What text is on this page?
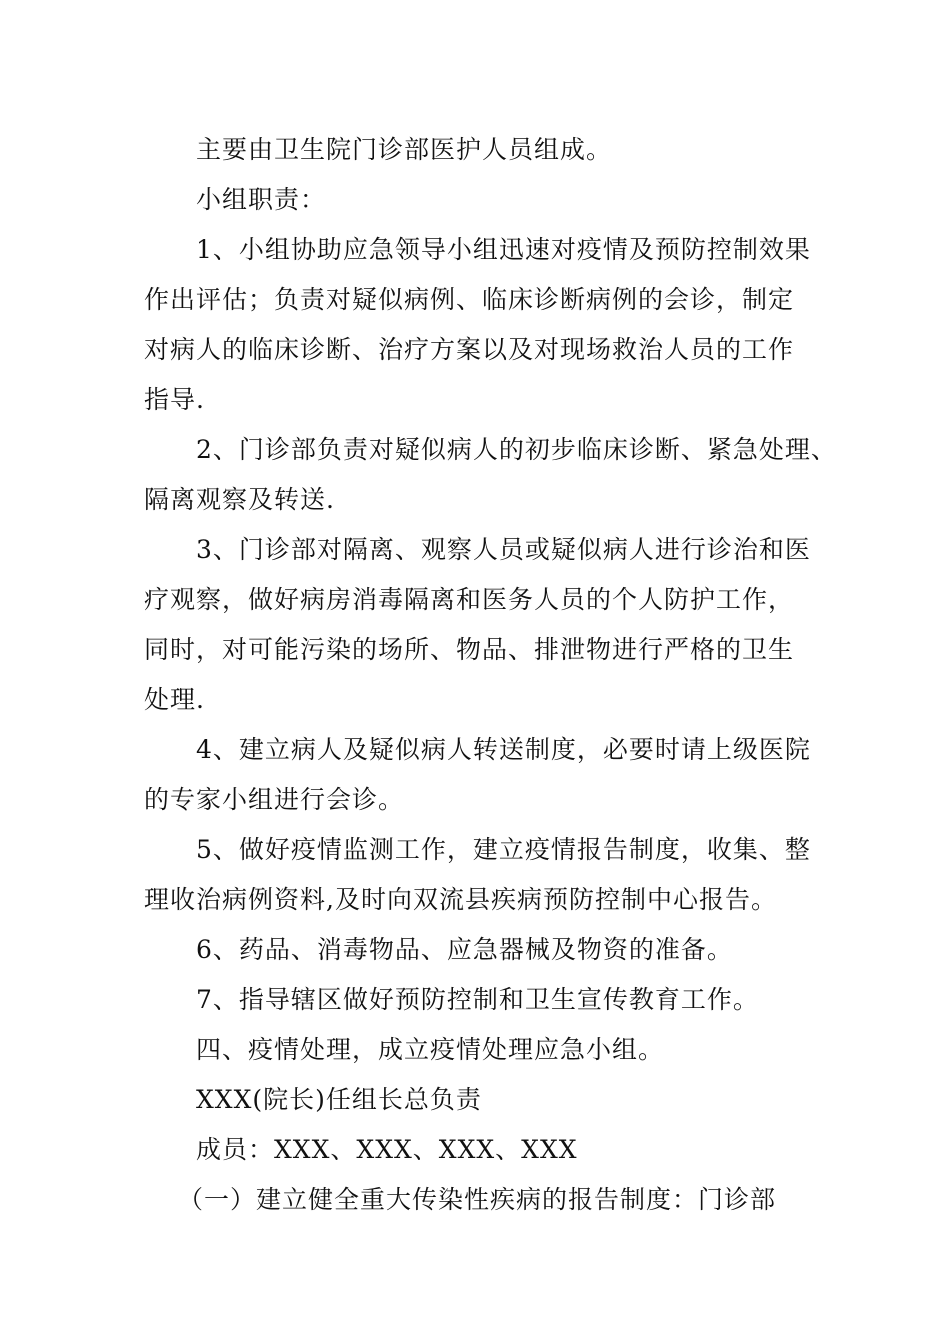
主要由卫生院门诊部医护人员组成。
小组职责：
1、小组协助应急领导小组迅速对疫情及预防控制效果
作出评估；负责对疑似病例、临床诊断病例的会诊，制定
对病人的临床诊断、治疗方案以及对现场救治人员的工作
指导.
2、门诊部负责对疑似病人的初步临床诊断、紧急处理、
隔离观察及转送.
3、门诊部对隔离、观察人员或疑似病人进行诊治和医
疗观察，做好病房消毒隔离和医务人员的个人防护工作，
同时，对可能污染的场所、物品、排泄物进行严格的卫生
处理.
4、建立病人及疑似病人转送制度，必要时请上级医院
的专家小组进行会诊。
5、做好疫情监测工作，建立疫情报告制度，收集、整
理收治病例资料,及时向双流县疾病预防控制中心报告。
6、药品、消毒物品、应急器械及物资的准备。
7、指导辖区做好预防控制和卫生宣传教育工作。
四、疫情处理，成立疫情处理应急小组。
XXX(院长)任组长总负责
成员：XXX、XXX、XXX、XXX
（一）建立健全重大传染性疾病的报告制度：门诊部
